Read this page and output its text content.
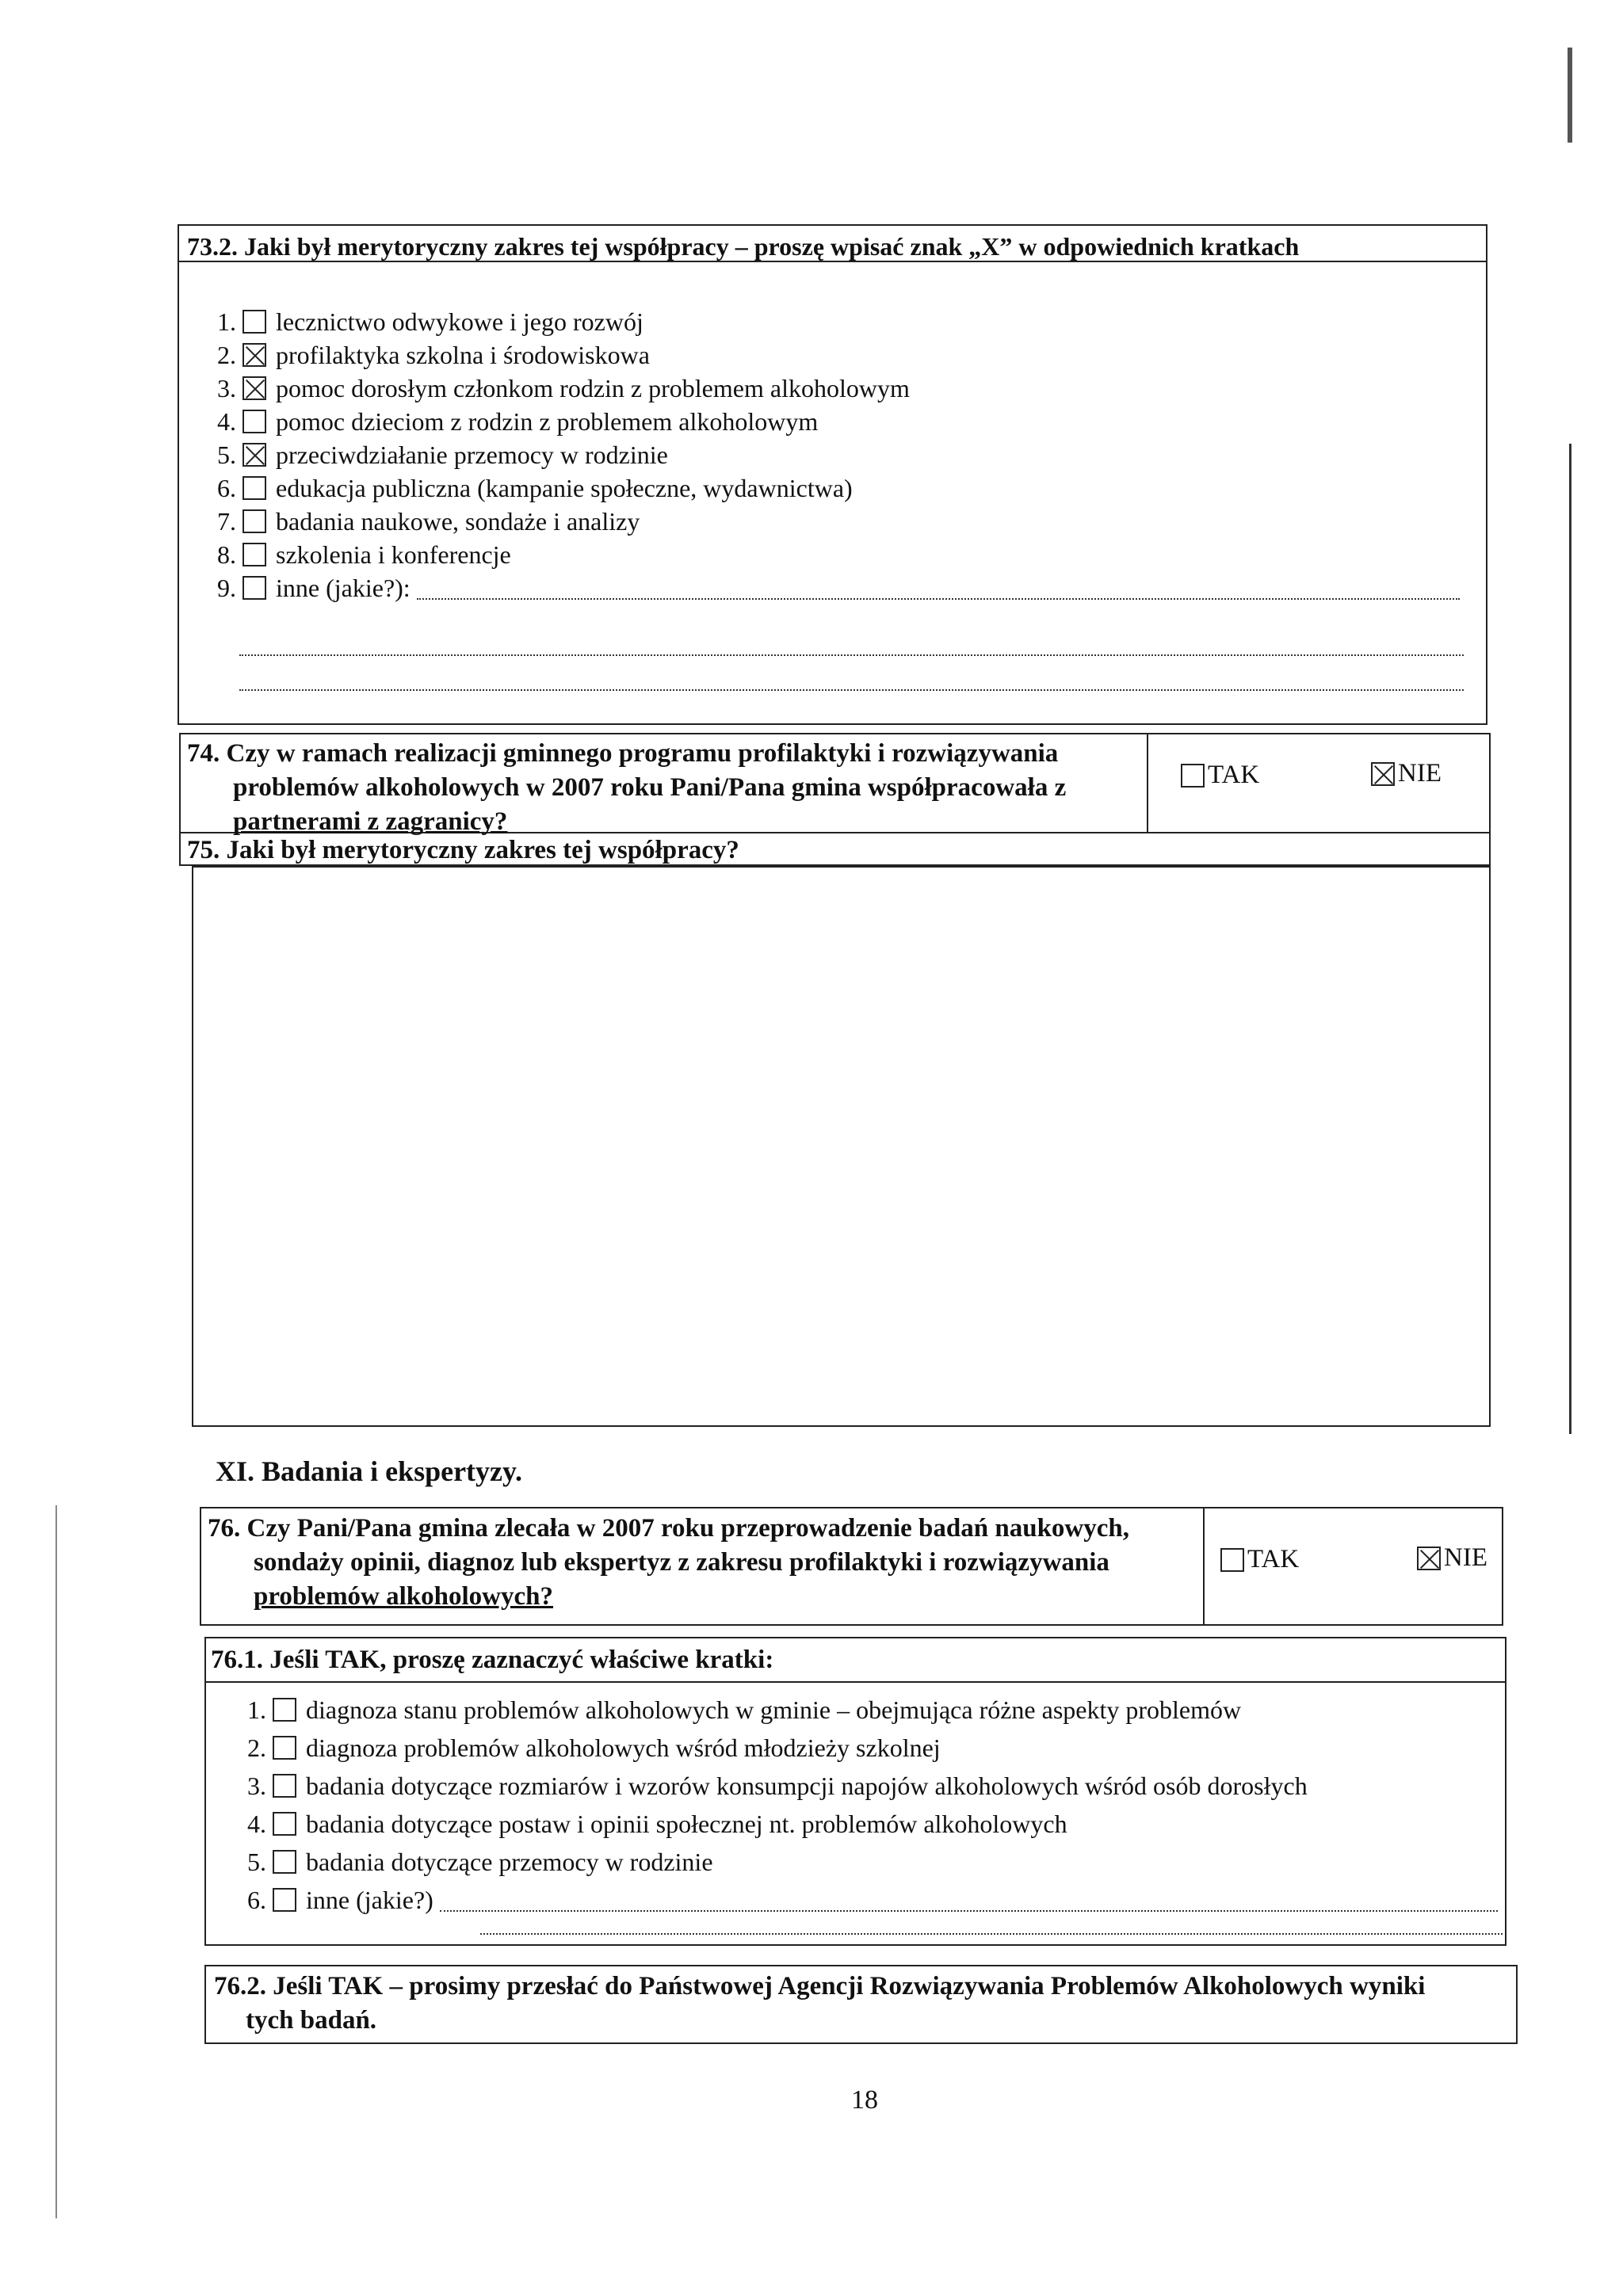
73.2. Jaki był merytoryczny zakres tej współpracy – proszę wpisać znak „X” w odpowiednich kratkach
1. lecznictwo odwykowe i jego rozwój
2. profilaktyka szkolna i środowiskowa
3. pomoc dorosłym członkom rodzin z problemem alkoholowym
4. pomoc dzieciom z rodzin z problemem alkoholowym
5. przeciwdziałanie przemocy w rodzinie
6. edukacja publiczna (kampanie społeczne, wydawnictwa)
7. badania naukowe, sondaże i analizy
8. szkolenia i konferencje
9. inne (jakie?):
74. Czy w ramach realizacji gminnego programu profilaktyki i rozwiązywania
problemów alkoholowych w 2007 roku Pani/Pana gmina współpracowała z
partnerami z zagranicy?
TAK	NIE
75. Jaki był merytoryczny zakres tej współpracy?
XI. Badania i ekspertyzy.
76. Czy Pani/Pana gmina zlecała w 2007 roku przeprowadzenie badań naukowych,
sondaży opinii, diagnoz lub ekspertyz z zakresu profilaktyki i rozwiązywania
problemów alkoholowych?
TAK	NIE
76.1. Jeśli TAK, proszę zaznaczyć właściwe kratki:
1. diagnoza stanu problemów alkoholowych w gminie – obejmująca różne aspekty problemów
2. diagnoza problemów alkoholowych wśród młodzieży szkolnej
3. badania dotyczące rozmiarów i wzorów konsumpcji napojów alkoholowych wśród osób dorosłych
4. badania dotyczące postaw i opinii społecznej nt. problemów alkoholowych
5. badania dotyczące przemocy w rodzinie
6. inne (jakie?)
76.2. Jeśli TAK – prosimy przesłać do Państwowej Agencji Rozwiązywania Problemów Alkoholowych wyniki
tych badań.
18
